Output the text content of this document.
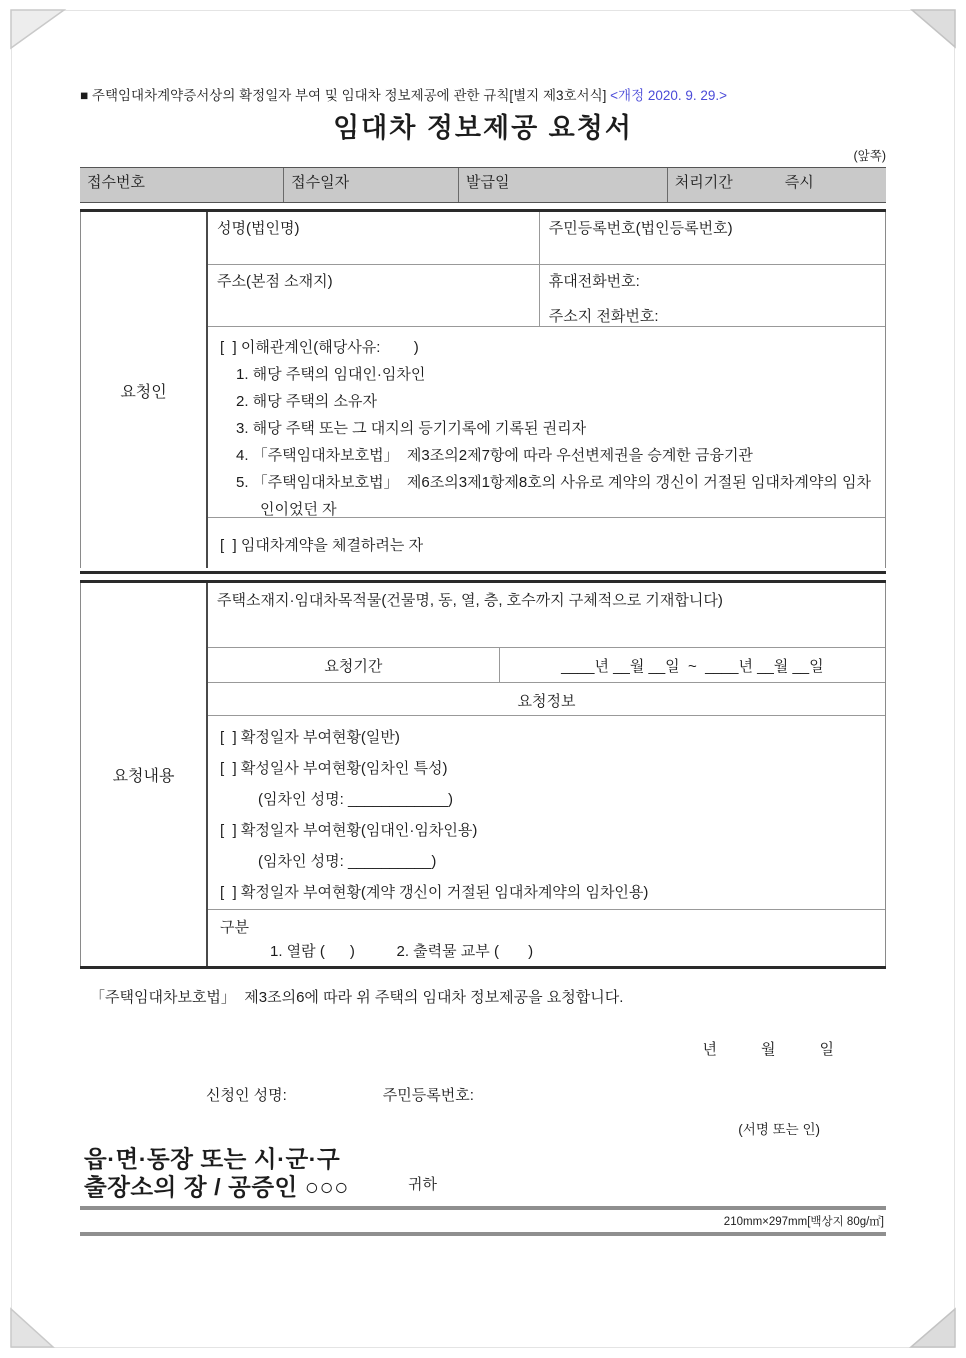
■ 주택임대차계약증서상의 확정일자 부여 및 임대차 정보제공에 관한 규칙[별지 제3호서식] <개정 2020. 9. 29.>
임대차 정보제공 요청서
(앞쪽)
접수번호	접수일자	발급일	처리기간	즉시
요청인
성명(법인명)	주민등록번호(법인등록번호)
주소(본점 소재지)	휴대전화번호:
주소지 전화번호:
[  ] 이해관계인(해당사유:        )
1. 해당 주택의 임대인·임차인
2. 해당 주택의 소유자
3. 해당 주택 또는 그 대지의 등기기록에 기록된 권리자
4. 「주택임대차보호법」  제3조의2제7항에 따라 우선변제권을 승계한 금융기관
5. 「주택임대차보호법」  제6조의3제1항제8호의 사유로 계약의 갱신이 거절된 임대차계약의 임차인이었던 자
[  ] 임대차계약을 체결하려는 자
요청내용
주택소재지·임대차목적물(건물명, 동, 열, 층, 호수까지 구체적으로 기재합니다)
요청기간	____년 __월 __일  ~  ____년 __월 __일
요청정보
[  ] 확정일자 부여현황(일반)
[  ] 확성일사 부여현황(임차인 특성)
(임차인 성명: ____________)
[  ] 확정일자 부여현황(임대인·임차인용)
(임차인 성명: __________)
[  ] 확정일자 부여현황(계약 갱신이 거절된 임대차계약의 임차인용)
구분
1. 열람 (      )          2. 출력물 교부 (       )
「주택임대차보호법」  제3조의6에 따라 위 주택의 임대차 정보제공을 요청합니다.
년	월	일
신청인 성명:	주민등록번호:
(서명 또는 인)
읍·면·동장 또는 시·군·구
출장소의 장 / 공증인 ○○○	귀하
210mm×297mm[백상지 80g/㎡]
